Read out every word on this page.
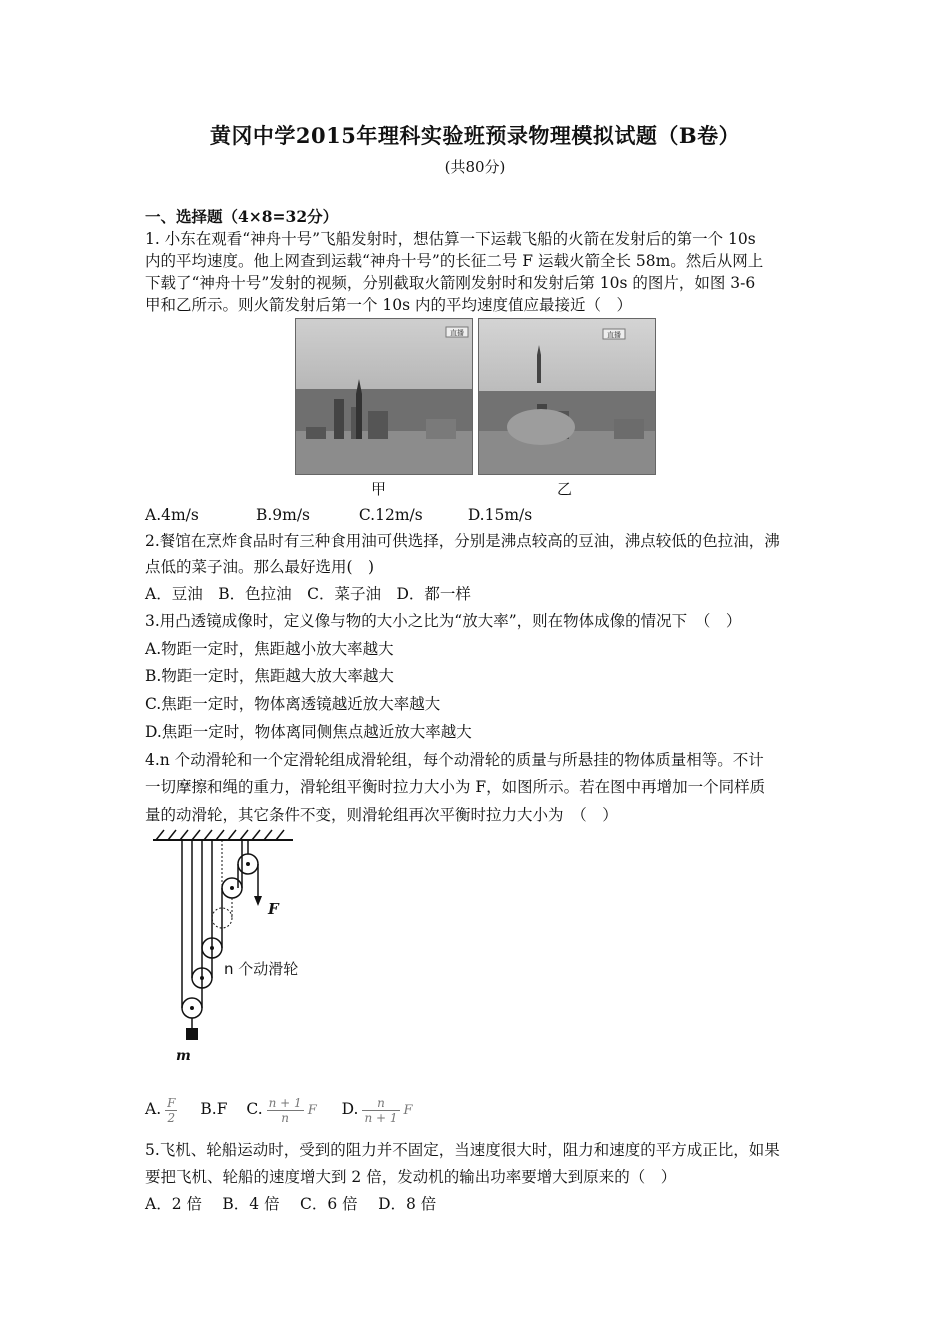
黄冈中学2015年理科实验班预录物理模拟试题（B卷）
(共80分)
一、选择题（4×8=32分）
1. 小东在观看“神舟十号”飞船发射时，想估算一下运载飞船的火箭在发射后的第一个 10s
内的平均速度。他上网查到运载“神舟十号”的长征二号 F 运载火箭全长 58m。然后从网上
下载了“神舟十号”发射的视频，分别截取火箭刚发射时和发射后第 10s 的图片，如图 3-6
甲和乙所示。则火箭发射后第一个 10s 内的平均速度值应最接近（　）
直播	直播
甲	乙
A.4m/s	B.9m/s	C.12m/s	D.15m/s
2.餐馆在烹炸食品时有三种食用油可供选择，分别是沸点较高的豆油，沸点较低的色拉油，沸
点低的菜子油。那么最好选用(　)
A．豆油　B．色拉油　C．菜子油　D．都一样
3.用凸透镜成像时，定义像与物的大小之比为“放大率”，则在物体成像的情况下　（　）
A.物距一定时，焦距越小放大率越大
B.物距一定时，焦距越大放大率越大
C.焦距一定时，物体离透镜越近放大率越大
D.焦距一定时，物体离同侧焦点越近放大率越大
4.n 个动滑轮和一个定滑轮组成滑轮组，每个动滑轮的质量与所悬挂的物体质量相等。不计
一切摩擦和绳的重力，滑轮组平衡时拉力大小为 F，如图所示。若在图中再增加一个同样质
量的动滑轮，其它条件不变，则滑轮组再次平衡时拉力大小为　（　）
F
m
n 个动滑轮
A. $\frac{F}{2} B.F$ C. $\frac{n + 1}{n}$ F D. $\frac{n}{n + 1}$ F
5.飞机、轮船运动时，受到的阻力并不固定，当速度很大时，阻力和速度的平方成正比，如果
要把飞机、轮船的速度增大到 2 倍，发动机的输出功率要增大到原来的（　）
A．2 倍　 B．4 倍　 C．6 倍　 D．8 倍
